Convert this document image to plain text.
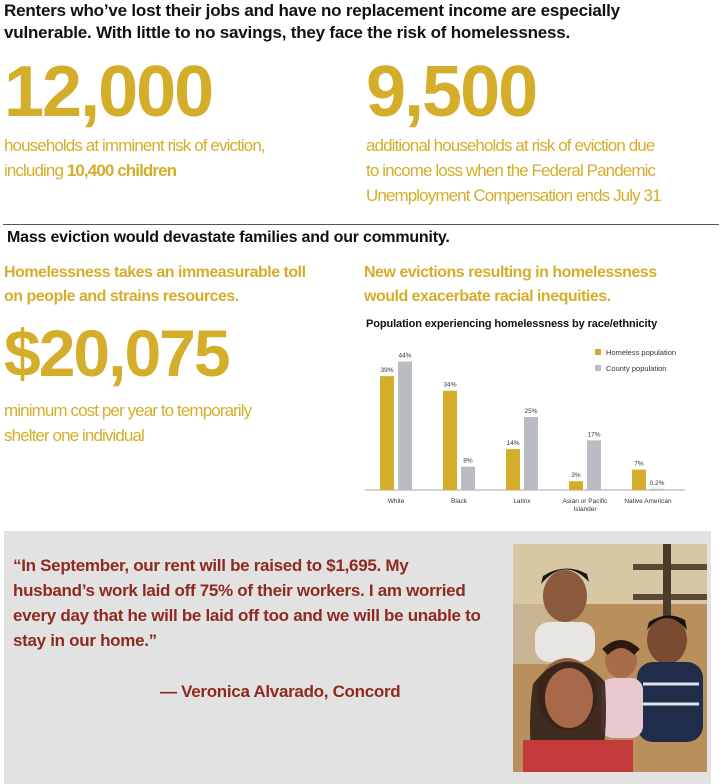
Renters who’ve lost their jobs and have no replacement income are especially
vulnerable. With little to no savings, they face the risk of homelessness.
12,000
households at imminent risk of eviction,
including 10,400 children
9,500
additional households at risk of eviction due
to income loss when the Federal Pandemic
Unemployment Compensation ends July 31
Mass eviction would devastate families and our community.
Homelessness takes an immeasurable toll
on people and strains resources.
$20,075
minimum cost per year to temporarily
shelter one individual
New evictions resulting in homelessness
would exacerbate racial inequities.
Population experiencing homelessness by race/ethnicity
39%
44%
White
34%
8%
Black
14%
25%
Latinx
3%
17%
Asian or Pacific
Islander
7%
0.2%
Native American
Homeless population
County population
“In September, our rent will be raised to $1,695. My husband’s work laid off 75% of their workers. I am worried every day that he will be laid off too and we will be unable to stay in our home.”
— Veronica Alvarado, Concord
